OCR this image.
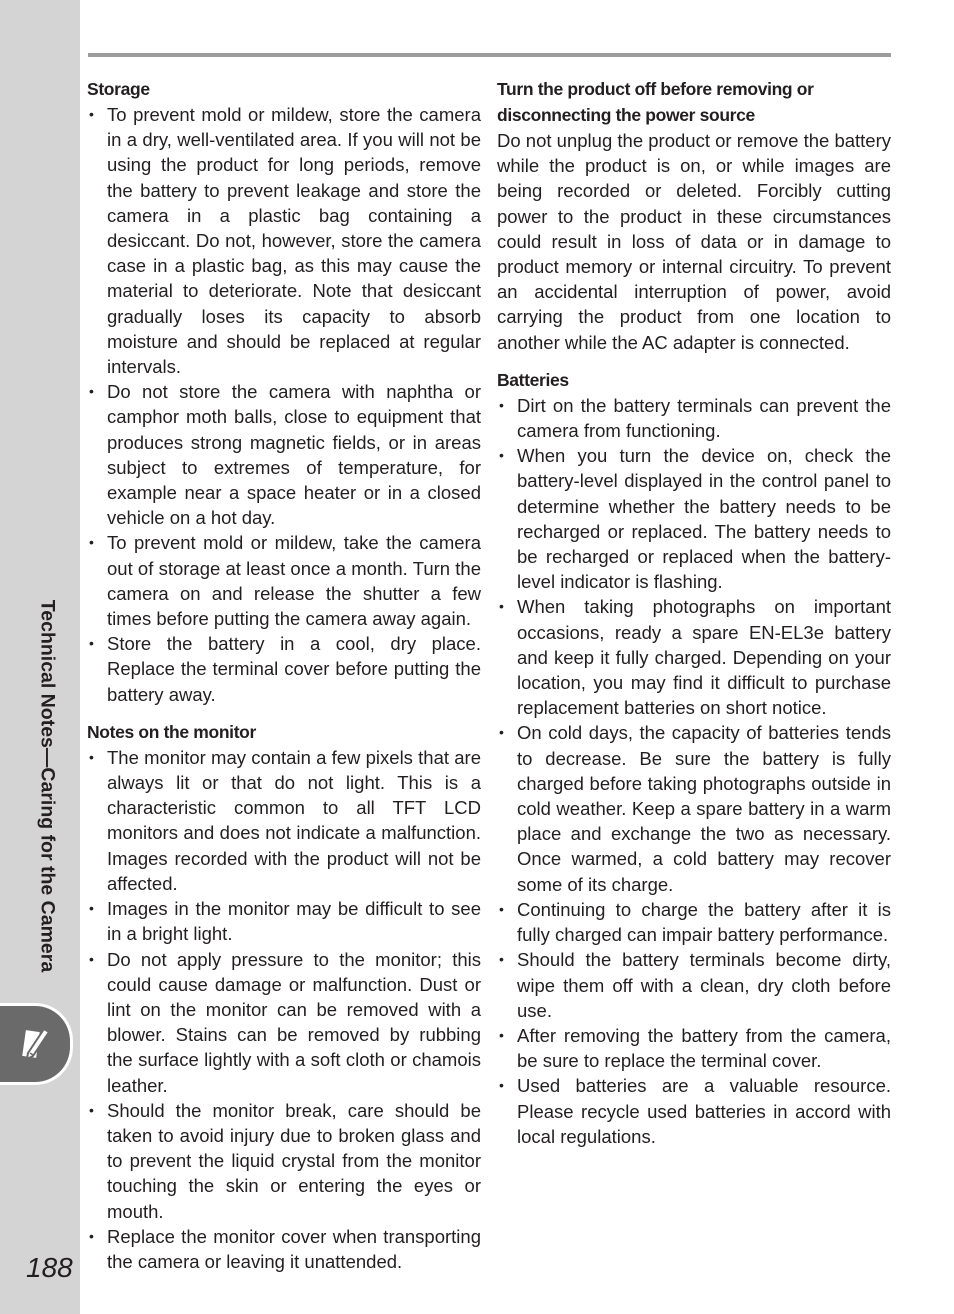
Technical Notes—Caring for the Camera
188
Storage
• To prevent mold or mildew, store the camera in a dry, well-ventilated area. If you will not be using the product for long periods, remove the battery to prevent leakage and store the camera in a plastic bag containing a desiccant. Do not, however, store the camera case in a plastic bag, as this may cause the material to deteriorate. Note that desiccant gradually loses its capacity to absorb moisture and should be replaced at regular intervals.
• Do not store the camera with naphtha or camphor moth balls, close to equipment that produces strong magnetic fields, or in areas subject to extremes of temperature, for example near a space heater or in a closed vehicle on a hot day.
• To prevent mold or mildew, take the camera out of storage at least once a month. Turn the camera on and release the shutter a few times before putting the camera away again.
• Store the battery in a cool, dry place. Replace the terminal cover before putting the battery away.
Notes on the monitor
• The monitor may contain a few pixels that are always lit or that do not light. This is a characteristic common to all TFT LCD monitors and does not indicate a malfunction. Images recorded with the product will not be affected.
• Images in the monitor may be difficult to see in a bright light.
• Do not apply pressure to the monitor; this could cause damage or malfunction. Dust or lint on the monitor can be removed with a blower. Stains can be removed by rubbing the surface lightly with a soft cloth or chamois leather.
• Should the monitor break, care should be taken to avoid injury due to broken glass and to prevent the liquid crystal from the monitor touching the skin or entering the eyes or mouth.
• Replace the monitor cover when transporting the camera or leaving it unattended.
Turn the product off before removing or disconnecting the power source

Do not unplug the product or remove the battery while the product is on, or while images are being recorded or deleted. Forcibly cutting power to the product in these circumstances could result in loss of data or in damage to product memory or internal circuitry. To prevent an accidental interruption of power, avoid carrying the product from one location to another while the AC adapter is connected.

Batteries
• Dirt on the battery terminals can prevent the camera from functioning.
• When you turn the device on, check the battery-level displayed in the control panel to determine whether the battery needs to be recharged or replaced. The battery needs to be recharged or replaced when the battery-level indicator is flashing.
• When taking photographs on important occasions, ready a spare EN-EL3e battery and keep it fully charged. Depending on your location, you may find it difficult to purchase replacement batteries on short notice.
• On cold days, the capacity of batteries tends to decrease. Be sure the battery is fully charged before taking photographs outside in cold weather. Keep a spare battery in a warm place and exchange the two as necessary. Once warmed, a cold battery may recover some of its charge.
• Continuing to charge the battery after it is fully charged can impair battery performance.
• Should the battery terminals become dirty, wipe them off with a clean, dry cloth before use.
• After removing the battery from the camera, be sure to replace the terminal cover.
• Used batteries are a valuable resource. Please recycle used batteries in accord with local regulations.
